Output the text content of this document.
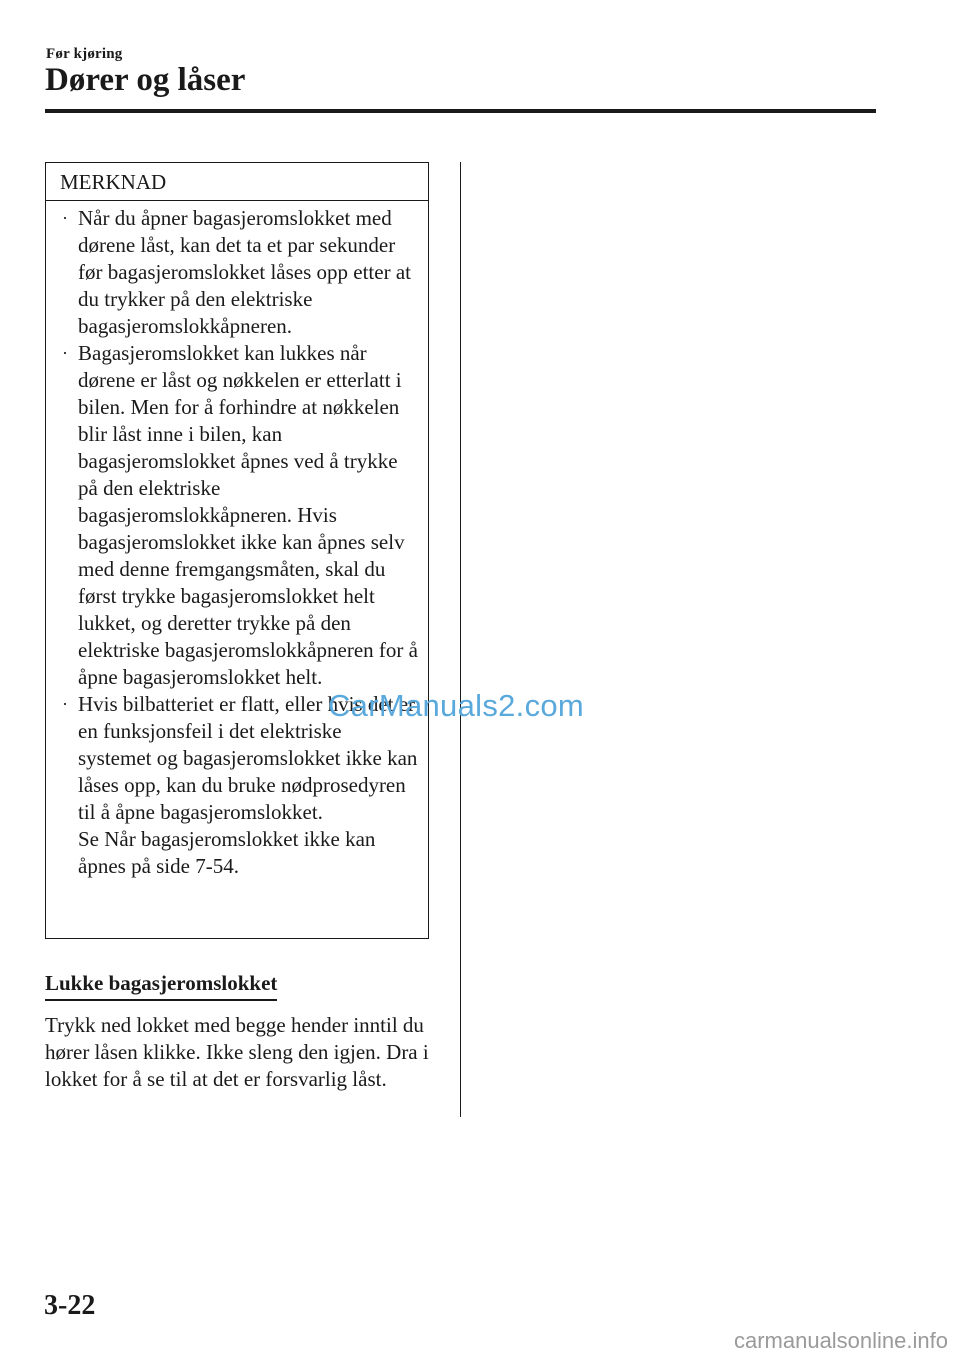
Før kjøring
Dører og låser
MERKNAD
· Når du åpner bagasjeromslokket med dørene låst, kan det ta et par sekunder før bagasjeromslokket låses opp etter at du trykker på den elektriske bagasjeromslokkåpneren.
· Bagasjeromslokket kan lukkes når dørene er låst og nøkkelen er etterlatt i bilen. Men for å forhindre at nøkkelen blir låst inne i bilen, kan bagasjeromslokket åpnes ved å trykke på den elektriske bagasjeromslokkåpneren. Hvis bagasjeromslokket ikke kan åpnes selv med denne fremgangsmåten, skal du først trykke bagasjeromslokket helt lukket, og deretter trykke på den elektriske bagasjeromslokkåpneren for å åpne bagasjeromslokket helt.
· Hvis bilbatteriet er flatt, eller hvis det er en funksjonsfeil i det elektriske systemet og bagasjeromslokket ikke kan låses opp, kan du bruke nødprosedyren til å åpne bagasjeromslokket.
Se Når bagasjeromslokket ikke kan åpnes på side 7-54.
Lukke bagasjeromslokket

Trykk ned lokket med begge hender inntil du hører låsen klikke. Ikke sleng den igjen. Dra i lokket for å se til at det er forsvarlig låst.

CarManuals2.com
3-22
carmanualsonline.info
